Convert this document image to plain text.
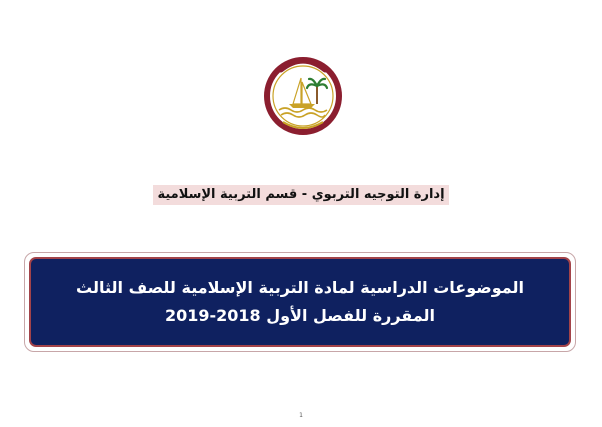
إدارة التوجيه التربوي - قسم التربية الإسلامية
الموضوعات الدراسية لمادة التربية الإسلامية للصف الثالث
المقررة للفصل الأول 2018-2019
1
